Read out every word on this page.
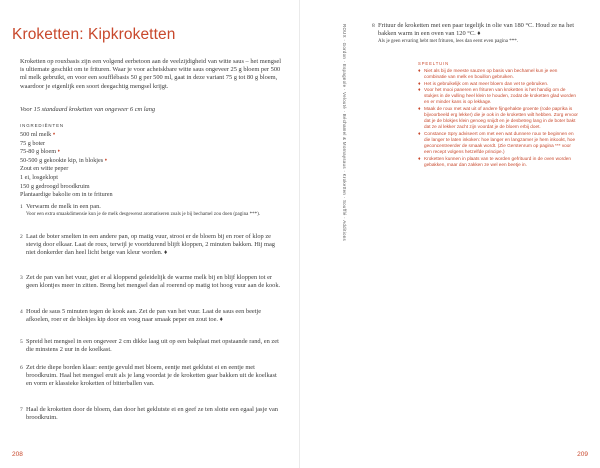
Kroketten: Kipkroketten

Kroketten op rouxbasis zijn een volgend eerbetoon aan de veelzijdigheid van witte saus – het mengsel is ultiemate geschikt om te frituren. Waar je voor acheiskbare witte saus ongeveer 25 g bloem per 500 ml melk gebruikt, en voor een soufflébasis 50 g per 500 ml, gaat in deze variant 75 g tot 80 g bloem, waardoor je eigenlijk een soort deegachtig mengsel krijgt.

Voor 15 standaard kroketten van ongeveer 6 cm lang

INGREDIËNTEN
500 ml melk ♦
75 g boter
75-80 g bloem ♦
50-500 g gekookte kip, in blokjes ♦
Zout en witte peper
1 ei, losgeklopt
150 g gedroogd broodkruim
Plantaardige bakolie om in te frituren
1 Verwarm de melk in een pan.
Voor een extra smaakdimensie kun je de melk desgewenst aromatiseren zoals je bij bechamel zou doen (pagina ***).
2 Laat de boter smelten in een andere pan, op matig vuur, strooi er de bloem bij en roer of klop ze stevig door elkaar. Laat de roux, terwijl je voortdurend blijft kloppen, 2 minuten bakken. Hij mag niet donkerder dan heel licht beige van kleur worden. ♦
3 Zet de pan van het vuur, giet er al kloppend geleidelijk de warme melk bij en blijf kloppen tot er geen klontjes meer in zitten. Breng het mengsel dan al roerend op matig tot hoog vuur aan de kook.
4 Houd de saus 5 minuten tegen de kook aan. Zet de pan van het vuur. Laat de saus een beetje afkoelen, roer er de blokjes kip door en voeg naar smaak peper en zout toe. ♦
5 Spreid het mengsel in een ongeveer 2 cm dikke laag uit op een bakplaat met opstaande rand, en zet die minstens 2 uur in de koelkast.
6 Zet drie diepe borden klaar: eentje gevuld met bloem, eentje met geklutst ei en eentje met broodkruim. Haal het mengsel eruit als je lang voordat je de kroketten gaar bakken uit de koelkast en vorm er klassieke kroketten of bitterballen van.
7 Haal de kroketten door de bloem, dan door het geklutste ei en geef ze ten slotte een egaal jasje van broodkruim.
208
ROUX · Gordon · Espagnole · Velouté · Béchamel & Mornaysaus · Kroketten · Soufflé · Additions	8 Frituur de kroketten met een paar tegelijk in olie van 180 °C. Houd ze na het bakken warm in een oven van 120 °C. ♦
Als je geen ervaring hebt met frituren, lees dan eerst even pagina ***.
SPEELTUIN
♦ Niet als bij de meeste sauzen op basis van bechamel kun je een combinatie van melk en bouillon gebruiken.
♦ Het is gebruikelijk om wat meer bloem dan vet te gebruiken.
♦ Voor het mooi paneren en frituren van kroketten is het handig om de stukjes in de vulling heel klein te houden, zodat de kroketten glad worden en er minder kans is op lekkage.
♦ Maak de roux met wat uit of andere fijngehakte groente (rode paprika is bijvoorbeeld erg lekker) die je ook in de kroketten wilt hebben. Zorg ervoor dat je de blokjes klein genoeg snijdt en je desbetreg lang in de boter bakt dat ze al lekker zacht zijn voordat je de bloem erbij doet.
♦ Constance Spry adviseert om met een wat dunnere roux te beginnen en die langer te laten inkoken: hoe langer en langzamer je hem inkookt, hoe geconcentreerder de smaak wordt. (Zie Gerstenrum op pagina *** voor een recept volgens hetzelfde principe.)
♦ Kroketten kunnen in plaats van te worden gefrituurd in de oven worden gebakken, maar dan zakken ze wel een beetje in.
209
